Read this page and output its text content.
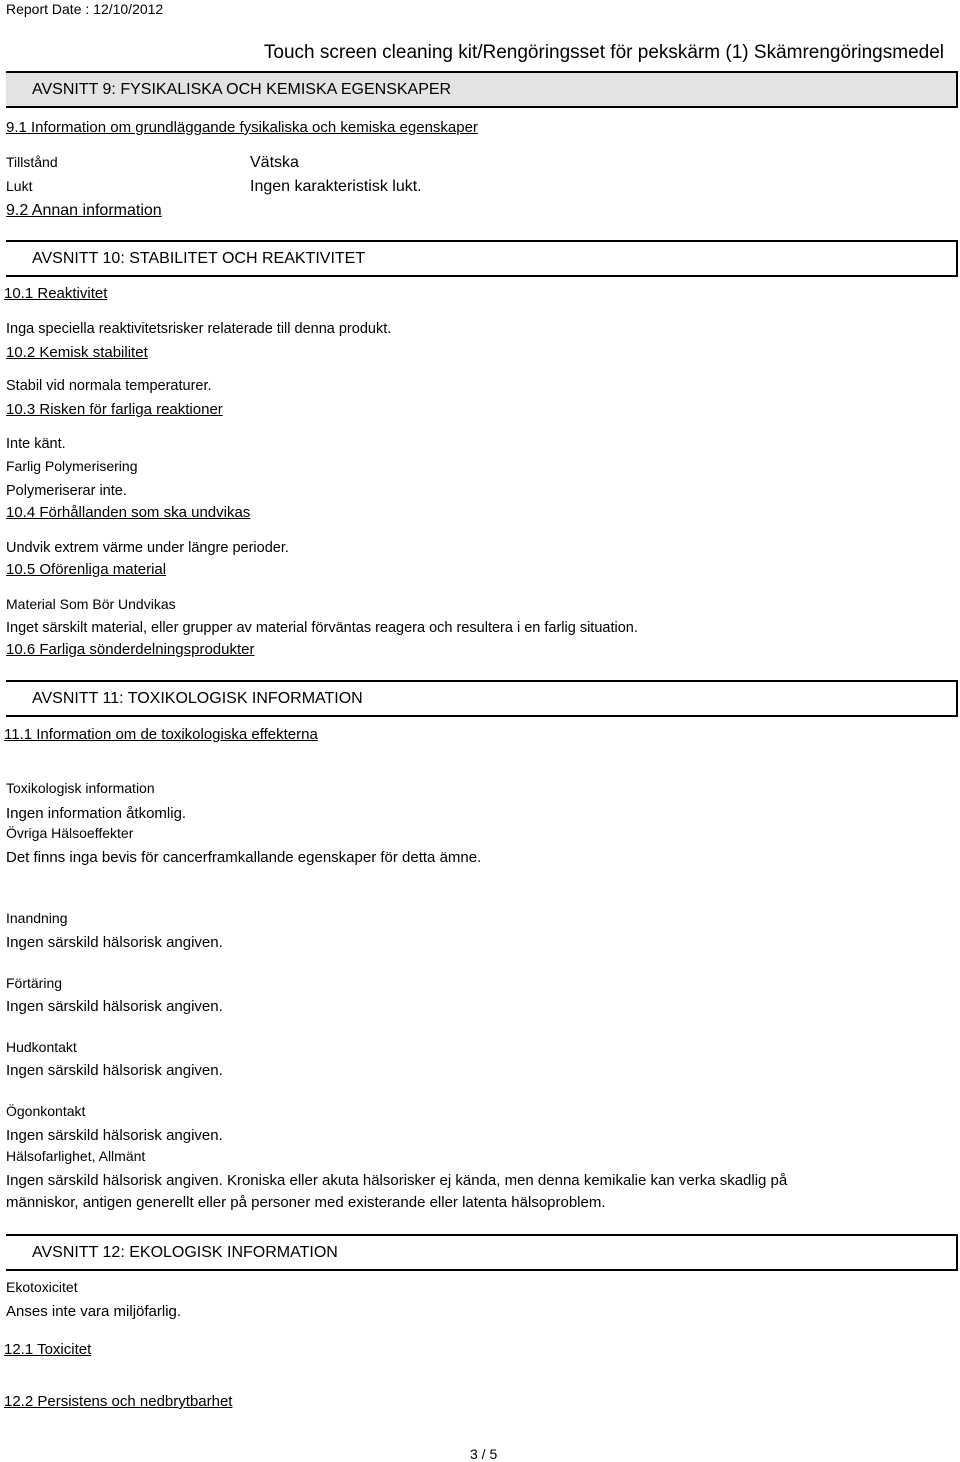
Report Date : 12/10/2012
Touch screen cleaning kit/Rengöringsset för pekskärm (1) Skämrengöringsmedel
AVSNITT 9: FYSIKALISKA OCH KEMISKA EGENSKAPER
9.1 Information om grundläggande fysikaliska och kemiska egenskaper
Tillstånd	Vätska
Lukt	Ingen karakteristisk lukt.
9.2 Annan information
AVSNITT 10: STABILITET OCH REAKTIVITET
10.1 Reaktivitet
Inga speciella reaktivitetsrisker relaterade till denna produkt.
10.2 Kemisk stabilitet
Stabil vid normala temperaturer.
10.3 Risken för farliga reaktioner
Inte känt.
Farlig Polymerisering
Polymeriserar inte.
10.4 Förhållanden som ska undvikas
Undvik extrem värme under längre perioder.
10.5 Oförenliga material
Material Som Bör Undvikas
Inget särskilt material, eller grupper av material förväntas reagera och resultera i en farlig situation.
10.6 Farliga sönderdelningsprodukter
AVSNITT 11: TOXIKOLOGISK INFORMATION
11.1 Information om de toxikologiska effekterna
Toxikologisk information
Ingen information åtkomlig.
Övriga Hälsoeffekter
Det finns inga bevis för cancerframkallande egenskaper för detta ämne.
Inandning
Ingen särskild hälsorisk angiven.
Förtäring
Ingen särskild hälsorisk angiven.
Hudkontakt
Ingen särskild hälsorisk angiven.
Ögonkontakt
Ingen särskild hälsorisk angiven.
Hälsofarlighet, Allmänt
Ingen särskild hälsorisk angiven. Kroniska eller akuta hälsorisker ej kända, men denna kemikalie kan verka skadlig på
människor, antigen generellt eller på personer med existerande eller latenta hälsoproblem.
AVSNITT 12: EKOLOGISK INFORMATION
Ekotoxicitet
Anses inte vara miljöfarlig.
12.1 Toxicitet
12.2 Persistens och nedbrytbarhet
3 / 5
